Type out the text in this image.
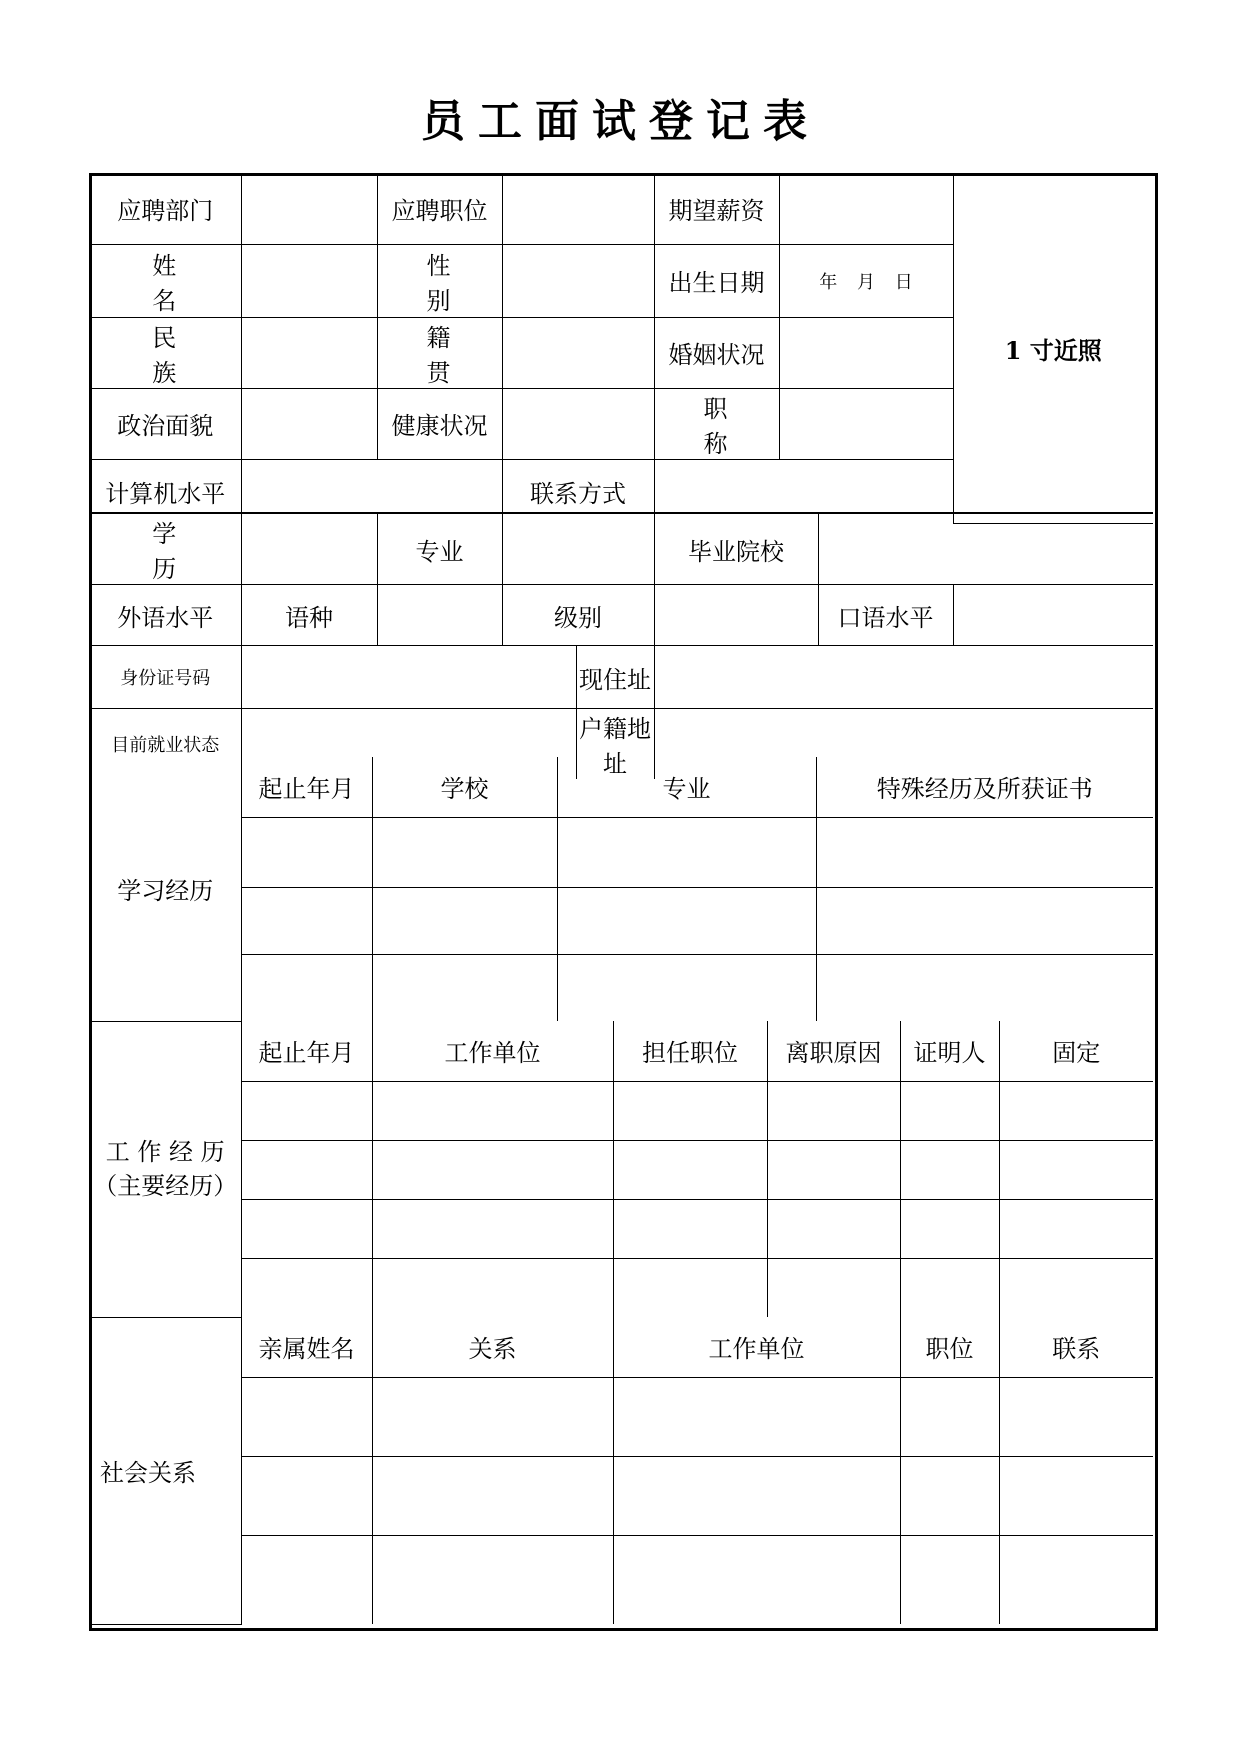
员工面试登记表
应聘部门		应聘职位		期望薪资		1 寸近照
姓 名		性 别		出生日期	年 月 日	
民 族		籍 贯		婚姻状况		
政治面貌		健康状况		职 称		
计算机水平			联系方式			
学 历		专业			毕业院校		
外语水平	语种		级别			口语水平	
身份证号码				现住址			
目前就业状态				户籍地址			
学习经历	起止年月	学校	专业	特殊经历及所获证书

工 作 经 历
（主要经历）	起止年月	工作单位	担任职位	离职原因	证明人	固定

社会关系	亲属姓名	关系	工作单位	职位	联系
